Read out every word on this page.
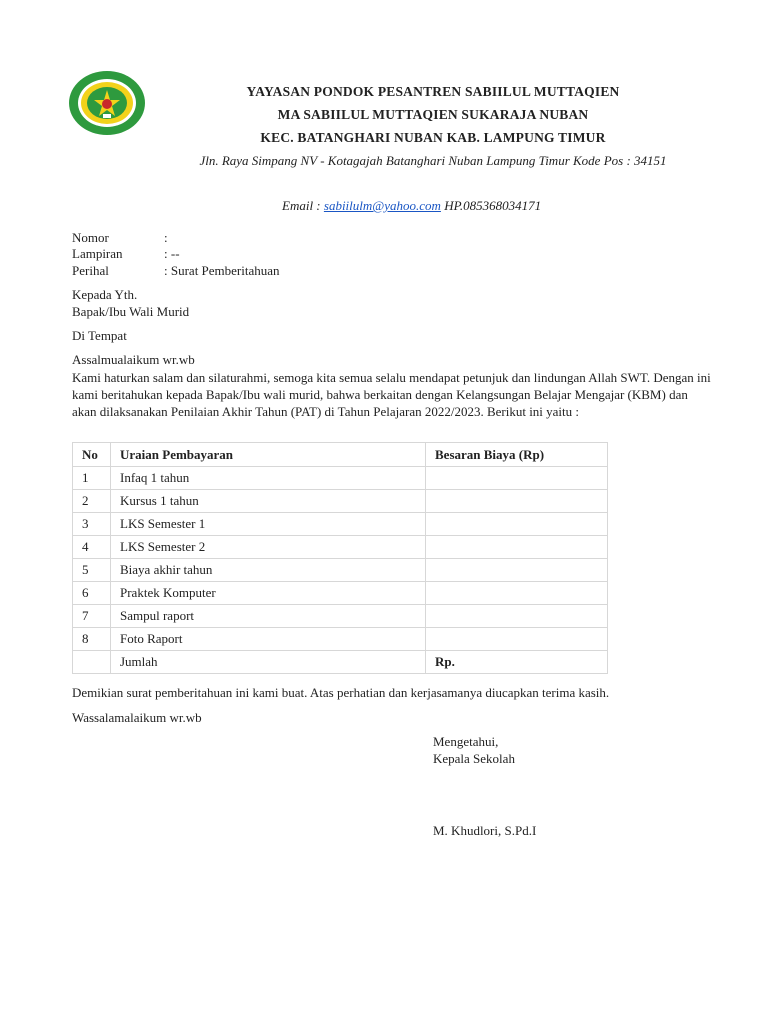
YAYASAN PONDOK PESANTREN SABIILUL MUTTAQIEN
MA SABIILUL MUTTAQIEN SUKARAJA NUBAN
KEC. BATANGHARI NUBAN KAB. LAMPUNG TIMUR
Jln. Raya Simpang NV - Kotagajah Batanghari Nuban Lampung Timur Kode Pos : 34151
Email : sabiilulm@yahoo.com HP.085368034171
Nomor	:
Lampiran	: --
Perihal	: Surat Pemberitahuan
Kepada Yth.
Bapak/Ibu Wali Murid
Di Tempat
Assalmualaikum wr.wb
Kami haturkan salam dan silaturahmi, semoga kita semua selalu mendapat petunjuk dan lindungan Allah SWT. Dengan ini kami beritahukan kepada Bapak/Ibu wali murid, bahwa berkaitan dengan Kelangsungan Belajar Mengajar (KBM) dan akan dilaksanakan Penilaian Akhir Tahun (PAT) di Tahun Pelajaran 2022/2023. Berikut ini yaitu :
No	Uraian Pembayaran	Besaran Biaya (Rp)
1	Infaq 1 tahun	
2	Kursus 1 tahun	
3	LKS Semester 1	
4	LKS Semester 2	
5	Biaya akhir tahun	
6	Praktek Komputer	
7	Sampul raport	
8	Foto Raport	
	Jumlah	Rp.
Demikian surat pemberitahuan ini kami buat. Atas perhatian dan kerjasamanya diucapkan terima kasih.
Wassalamalaikum wr.wb
Mengetahui,
Kepala Sekolah
M. Khudlori, S.Pd.I
